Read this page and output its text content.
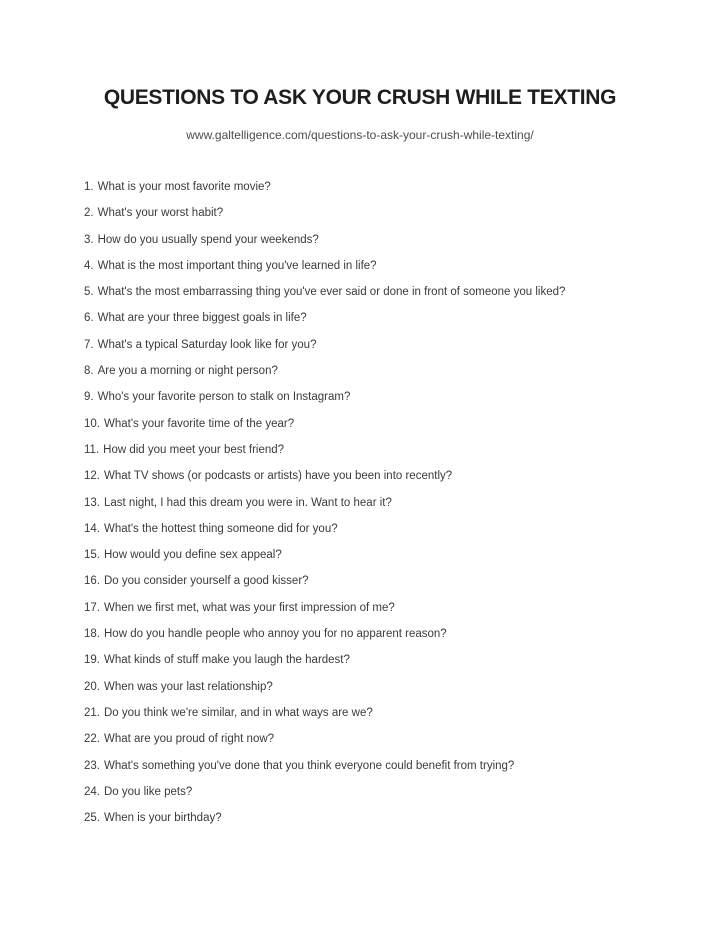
QUESTIONS TO ASK YOUR CRUSH WHILE TEXTING
www.galtelligence.com/questions-to-ask-your-crush-while-texting/
1. What is your most favorite movie?
2. What's your worst habit?
3. How do you usually spend your weekends?
4. What is the most important thing you've learned in life?
5. What's the most embarrassing thing you've ever said or done in front of someone you liked?
6. What are your three biggest goals in life?
7. What's a typical Saturday look like for you?
8. Are you a morning or night person?
9. Who's your favorite person to stalk on Instagram?
10. What's your favorite time of the year?
11. How did you meet your best friend?
12. What TV shows (or podcasts or artists) have you been into recently?
13. Last night, I had this dream you were in. Want to hear it?
14. What's the hottest thing someone did for you?
15. How would you define sex appeal?
16. Do you consider yourself a good kisser?
17. When we first met, what was your first impression of me?
18. How do you handle people who annoy you for no apparent reason?
19. What kinds of stuff make you laugh the hardest?
20. When was your last relationship?
21. Do you think we're similar, and in what ways are we?
22. What are you proud of right now?
23. What's something you've done that you think everyone could benefit from trying?
24. Do you like pets?
25. When is your birthday?
